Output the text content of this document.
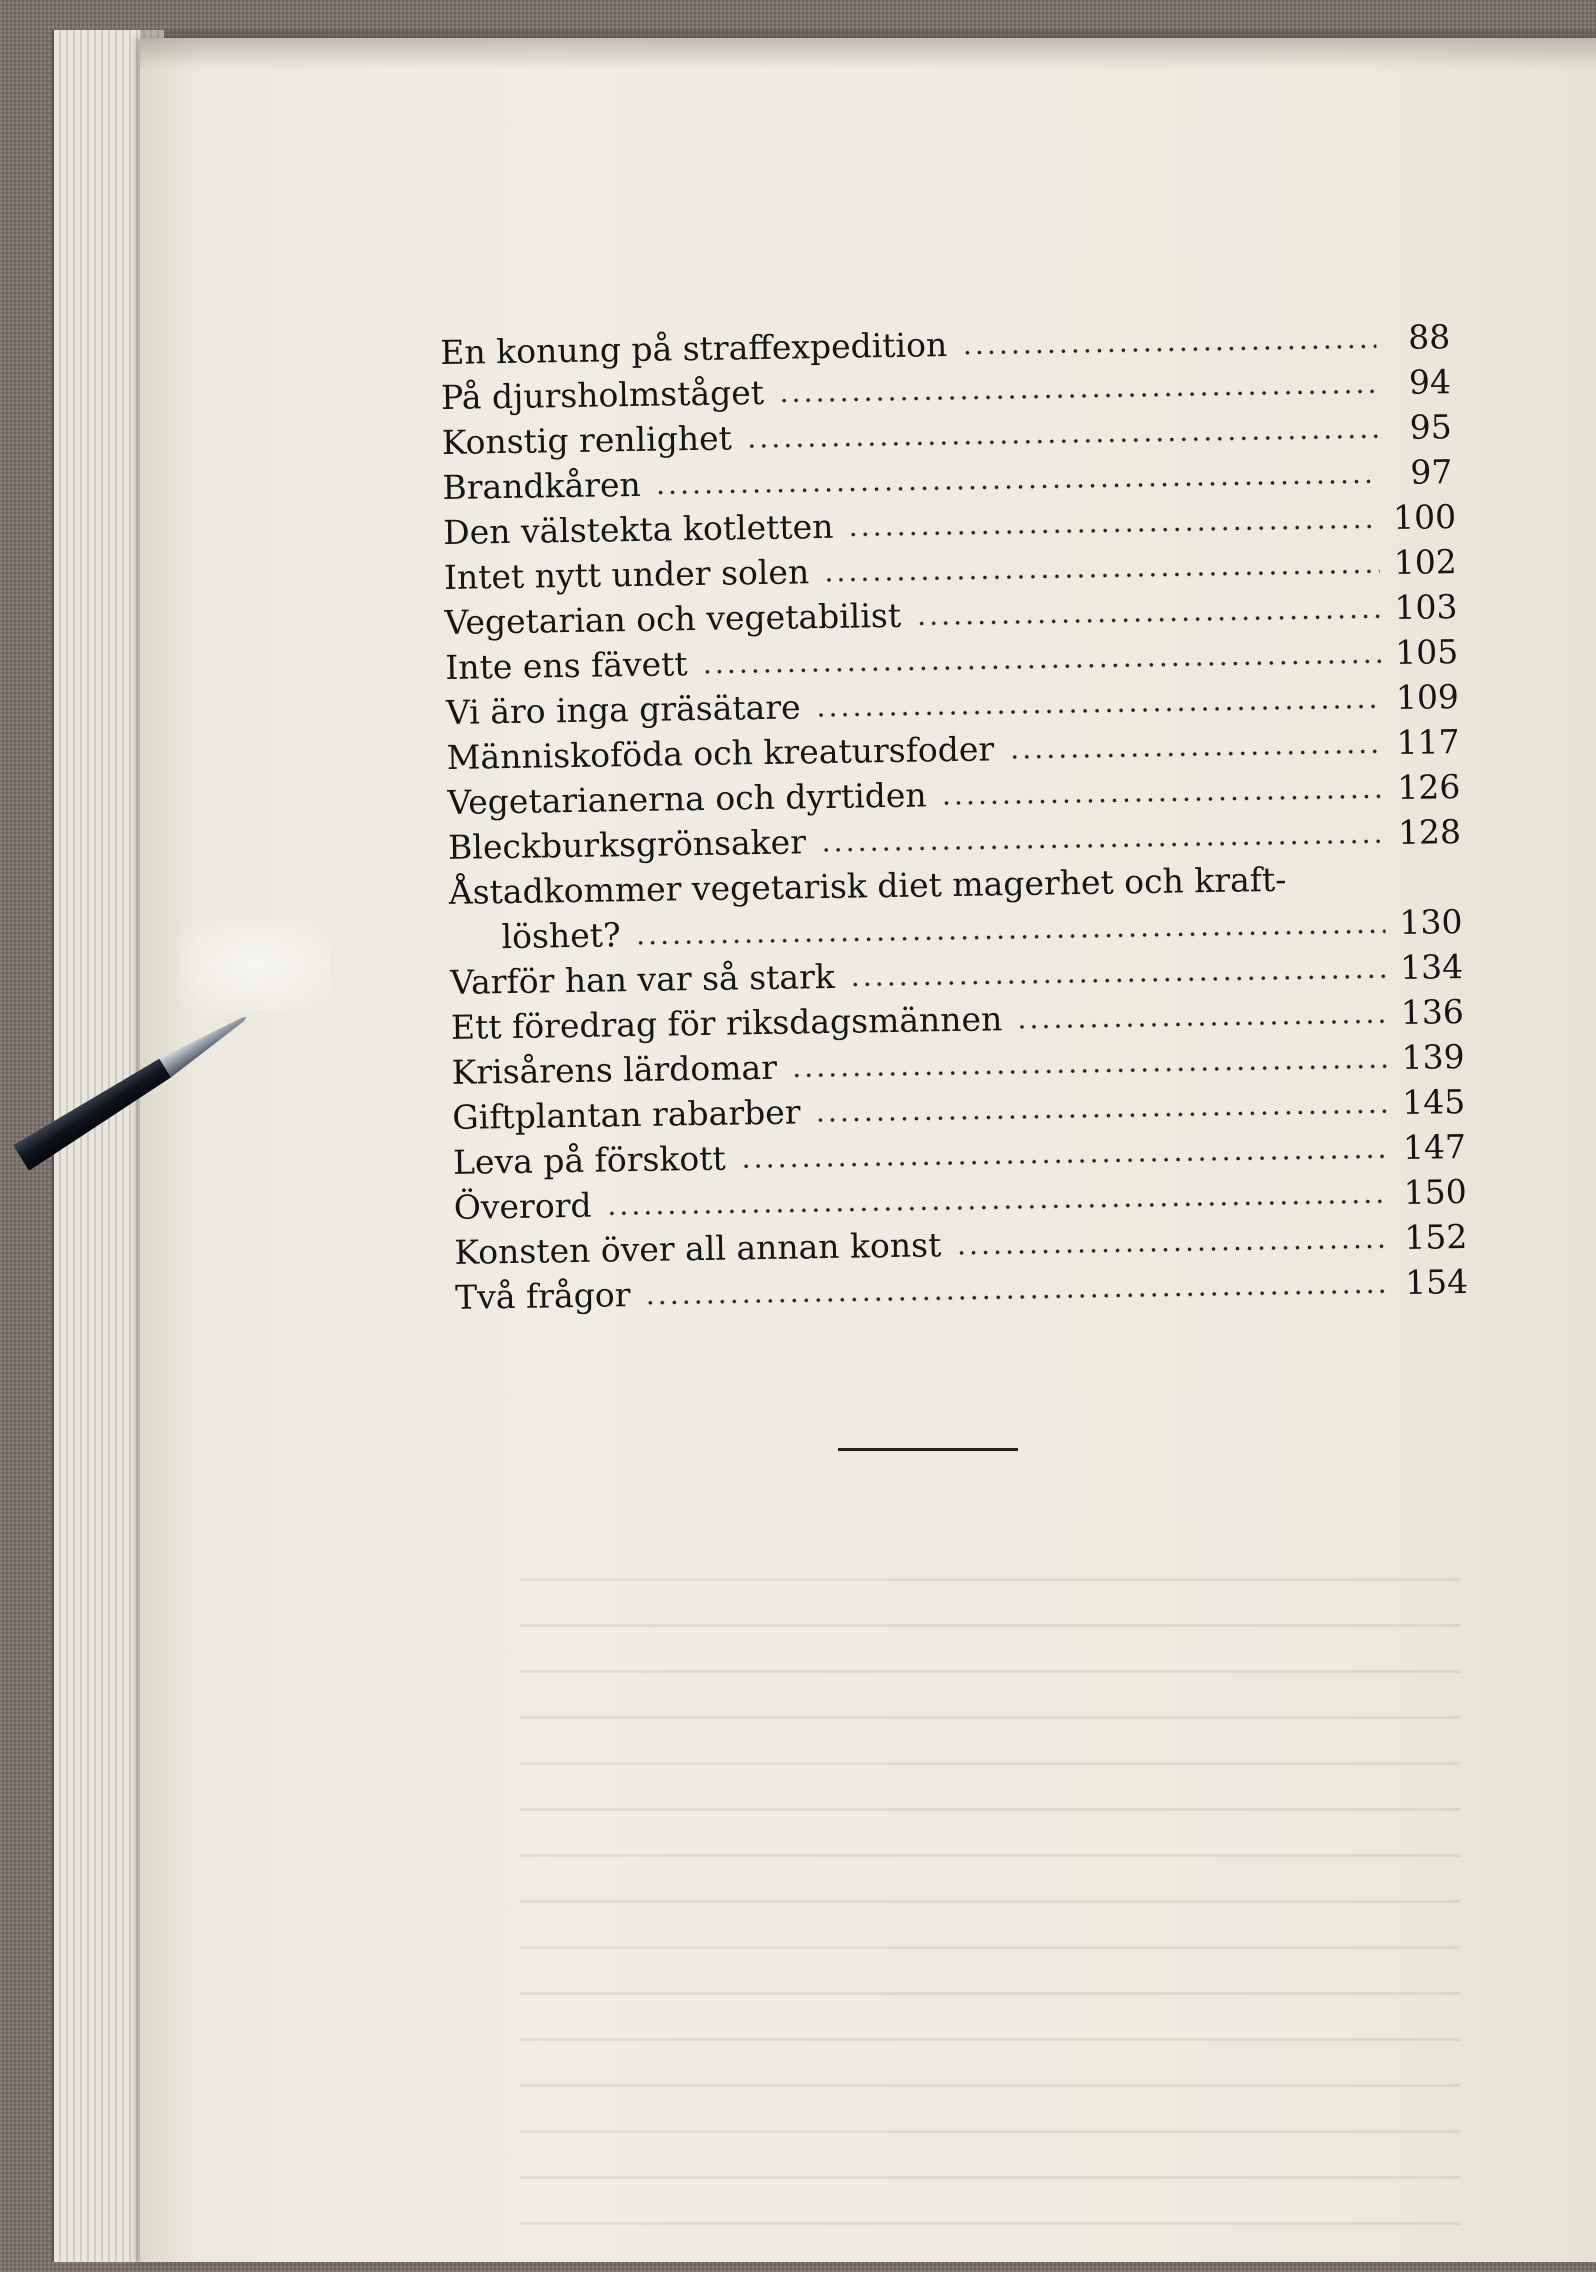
En konung på straffexpedition	88
På djursholmståget	94
Konstig renlighet	95
Brandkåren	97
Den välstekta kotletten	100
Intet nytt under solen	102
Vegetarian och vegetabilist	103
Inte ens fävett	105
Vi äro inga gräsätare	109
Människoföda och kreatursfoder	117
Vegetarianerna och dyrtiden	126
Bleckburksgrönsaker	128
Åstadkommer vegetarisk diet magerhet och kraft-
löshet?	130
Varför han var så stark	134
Ett föredrag för riksdagsmännen	136
Krisårens lärdomar	139
Giftplantan rabarber	145
Leva på förskott	147
Överord	150
Konsten över all annan konst	152
Två frågor	154
